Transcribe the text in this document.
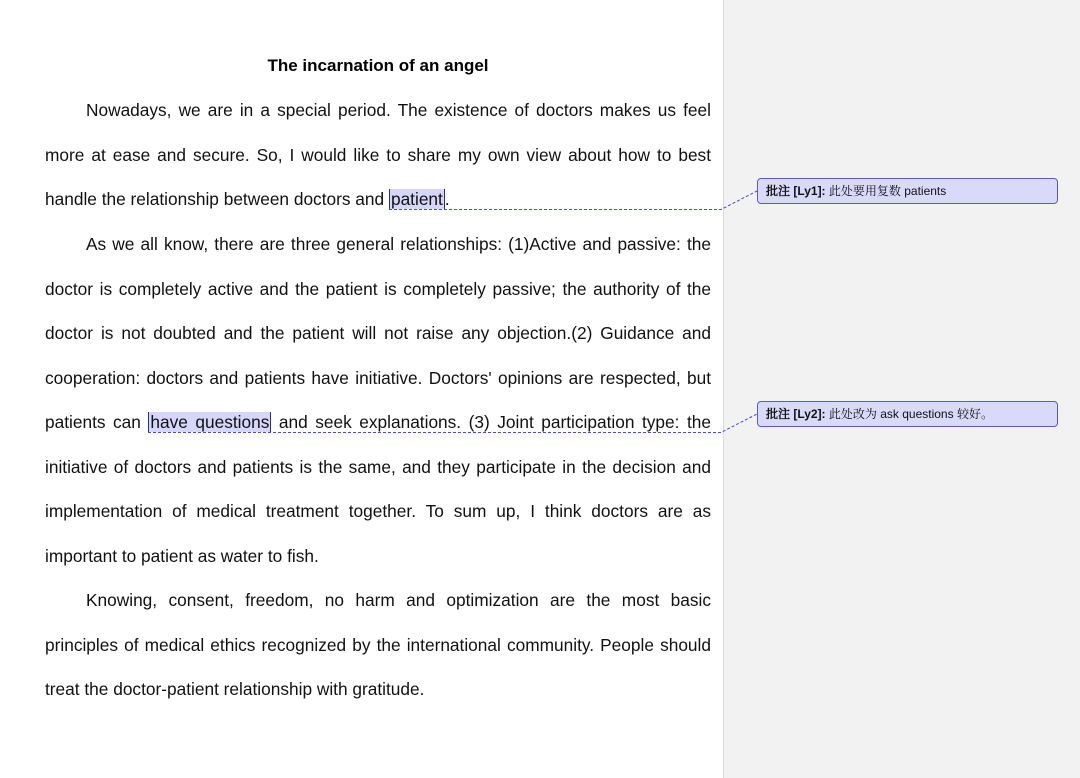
The incarnation of an angel

Nowadays, we are in a special period. The existence of doctors makes us feel more at ease and secure. So, I would like to share my own view about how to best handle the relationship between doctors and patient .

As we all know, there are three general relationships: (1)Active and passive: the doctor is completely active and the patient is completely passive; the authority of the doctor is not doubted and the patient will not raise any objection.(2) Guidance and cooperation: doctors and patients have initiative. Doctors' opinions are respected, but patients can have questions and seek explanations. (3) Joint participation type: the initiative of doctors and patients is the same, and they participate in the decision and implementation of medical treatment together. To sum up, I think doctors are as important to patient as water to fish.

Knowing, consent, freedom, no harm and optimization are the most basic principles of medical ethics recognized by the international community. People should treat the doctor-patient relationship with gratitude.

批注 [Ly1]: 此处要用复数 patients
批注 [Ly2]: 此处改为 ask questions 较好。
